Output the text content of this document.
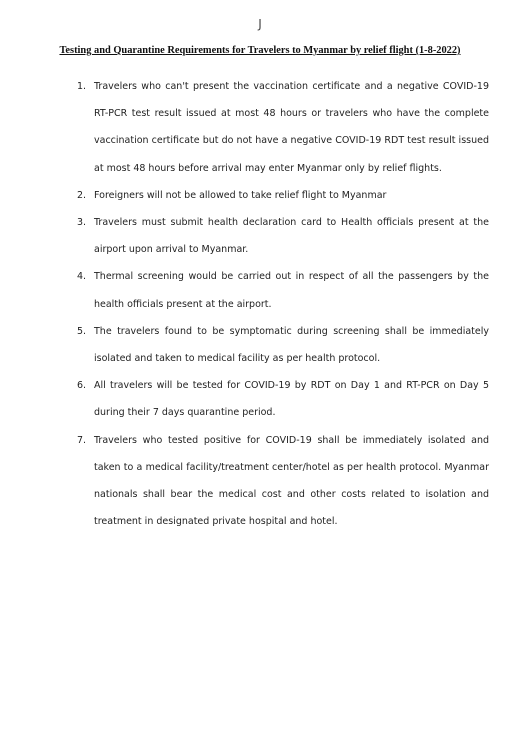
J
Testing and Quarantine Requirements for Travelers to Myanmar by relief flight (1-8-2022)
1. Travelers who can't present the vaccination certificate and a negative COVID-19 RT-PCR test result issued at most 48 hours or travelers who have the complete vaccination certificate but do not have a negative COVID-19 RDT test result issued at most 48 hours before arrival may enter Myanmar only by relief flights.
2. Foreigners will not be allowed to take relief flight to Myanmar
3. Travelers must submit health declaration card to Health officials present at the airport upon arrival to Myanmar.
4. Thermal screening would be carried out in respect of all the passengers by the health officials present at the airport.
5. The travelers found to be symptomatic during screening shall be immediately isolated and taken to medical facility as per health protocol.
6. All travelers will be tested for COVID-19 by RDT on Day 1 and RT-PCR on Day 5 during their 7 days quarantine period.
7. Travelers who tested positive for COVID-19 shall be immediately isolated and taken to a medical facility/treatment center/hotel as per health protocol. Myanmar nationals shall bear the medical cost and other costs related to isolation and treatment in designated private hospital and hotel.
